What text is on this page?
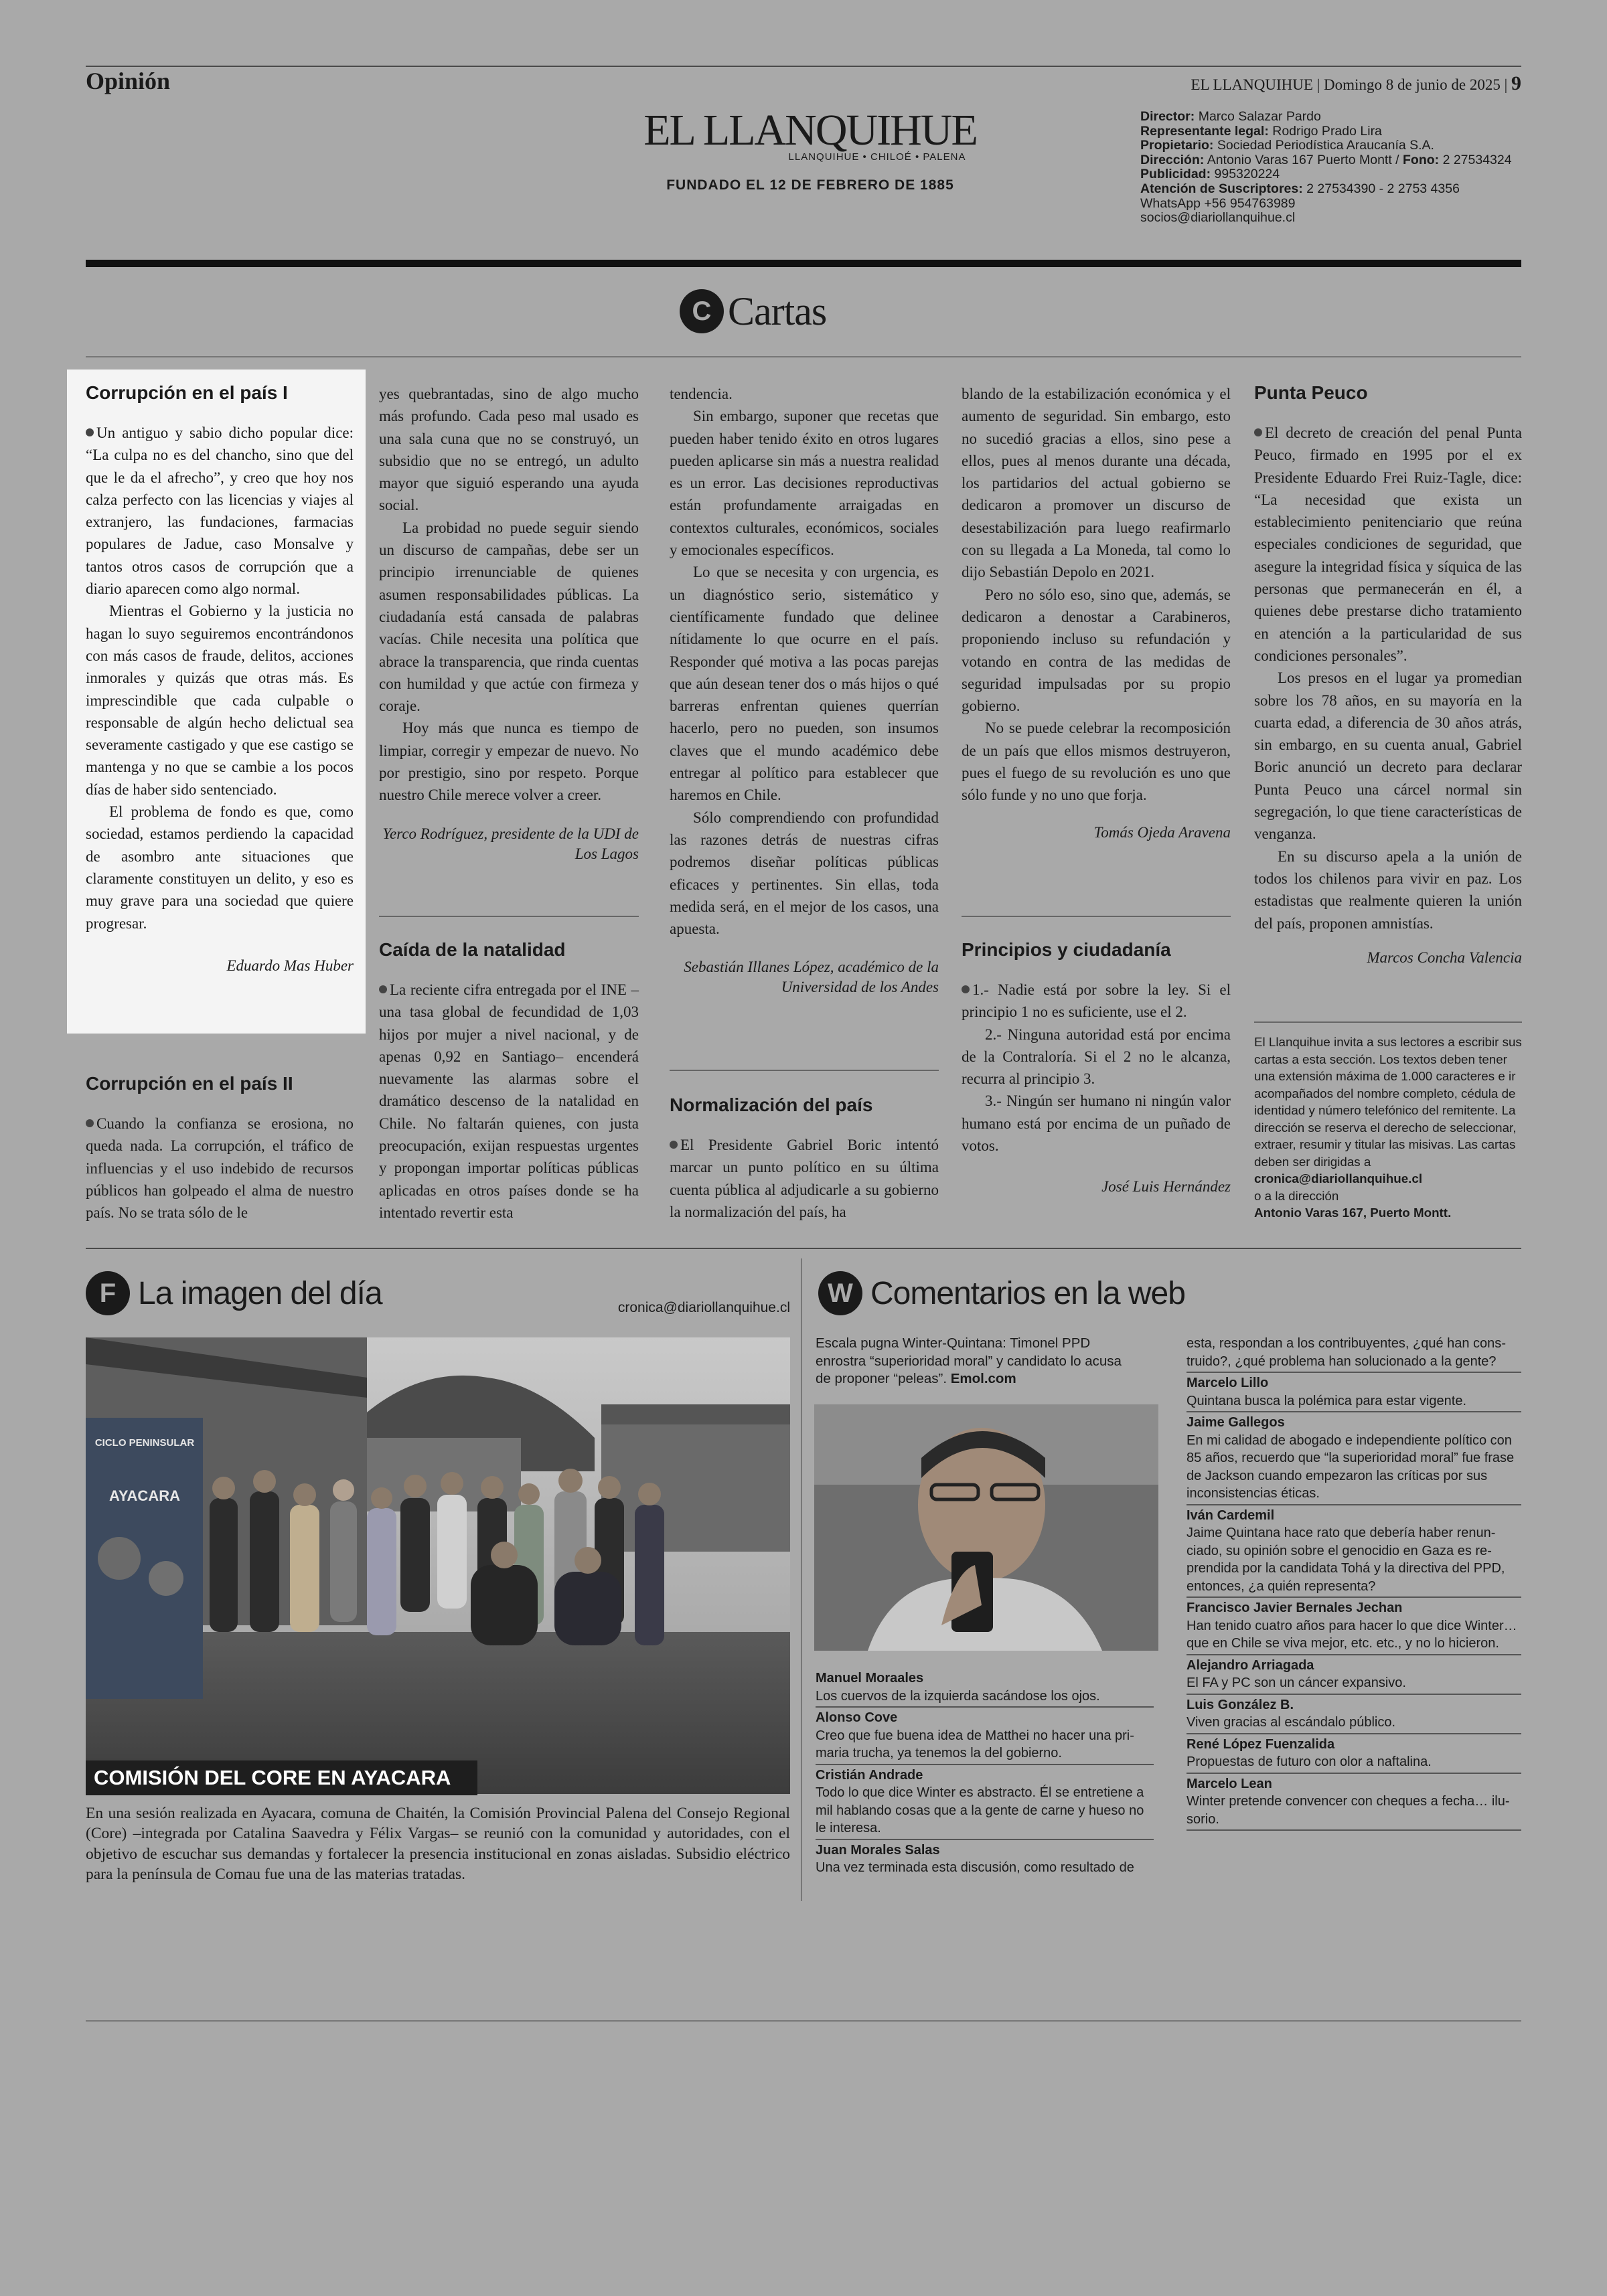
Opinión	EL LLANQUIHUE | Domingo 8 de junio de 2025 | 9
EL LLANQUIHUE
LLANQUIHUE • CHILOÉ • PALENA
FUNDADO EL 12 DE FEBRERO DE 1885
Director: Marco Salazar Pardo
Representante legal: Rodrigo Prado Lira
Propietario: Sociedad Periodística Araucanía S.A.
Dirección: Antonio Varas 167 Puerto Montt / Fono: 2 27534324
Publicidad: 995320224
Atención de Suscriptores: 2 27534390 - 2 2753 4356
WhatsApp +56 954763989
socios@diariollanquihue.cl
C Cartas
Corrupción en el país I

Un antiguo y sabio dicho popular dice: “La culpa no es del chancho, sino que del que le da el afrecho”, y creo que hoy nos calza perfecto con las licencias y viajes al extranjero, las fundaciones, farmacias populares de Jadue, caso Monsalve y tantos otros casos de corrupción que a diario aparecen como algo normal.

Mientras el Gobierno y la justicia no hagan lo suyo seguiremos encontrándonos con más casos de fraude, delitos, acciones inmorales y quizás que otras más. Es imprescindible que cada culpable o responsable de algún hecho delictual sea severamente castigado y que ese castigo se mantenga y no que se cambie a los pocos días de haber sido sentenciado.

El problema de fondo es que, como sociedad, estamos perdiendo la capacidad de asombro ante situaciones que claramente constituyen un delito, y eso es muy grave para una sociedad que quiere progresar.

Eduardo Mas Huber
Corrupción en el país II

Cuando la confianza se erosiona, no queda nada. La corrupción, el tráfico de influencias y el uso indebido de recursos públicos han golpeado el alma de nuestro país. No se trata sólo de le

yes quebrantadas, sino de algo mucho más profundo. Cada peso mal usado es una sala cuna que no se construyó, un subsidio que no se entregó, un adulto mayor que siguió esperando una ayuda social.

La probidad no puede seguir siendo un discurso de campañas, debe ser un principio irrenunciable de quienes asumen responsabilidades públicas. La ciudadanía está cansada de palabras vacías. Chile necesita una política que abrace la transparencia, que rinda cuentas con humildad y que actúe con firmeza y coraje.

Hoy más que nunca es tiempo de limpiar, corregir y empezar de nuevo. No por prestigio, sino por respeto. Porque nuestro Chile merece volver a creer.

Yerco Rodríguez, presidente de la UDI de Los Lagos
Caída de la natalidad

La reciente cifra entregada por el INE –una tasa global de fecundidad de 1,03 hijos por mujer a nivel nacional, y de apenas 0,92 en Santiago– encenderá nuevamente las alarmas sobre el dramático descenso de la natalidad en Chile. No faltarán quienes, con justa preocupación, exijan respuestas urgentes y propongan importar políticas públicas aplicadas en otros países donde se ha intentado revertir esta

tendencia.

Sin embargo, suponer que recetas que pueden haber tenido éxito en otros lugares pueden aplicarse sin más a nuestra realidad es un error. Las decisiones reproductivas están profundamente arraigadas en contextos culturales, económicos, sociales y emocionales específicos.

Lo que se necesita y con urgencia, es un diagnóstico serio, sistemático y científicamente fundado que delinee nítidamente lo que ocurre en el país. Responder qué motiva a las pocas parejas que aún desean tener dos o más hijos o qué barreras enfrentan quienes querrían hacerlo, pero no pueden, son insumos claves que el mundo académico debe entregar al político para establecer que haremos en Chile.

Sólo comprendiendo con profundidad las razones detrás de nuestras cifras podremos diseñar políticas públicas eficaces y pertinentes. Sin ellas, toda medida será, en el mejor de los casos, una apuesta.

Sebastián Illanes López, académico de la Universidad de los Andes
Normalización del país

El Presidente Gabriel Boric intentó marcar un punto político en su última cuenta pública al adjudicarle a su gobierno la normalización del país, ha

blando de la estabilización económica y el aumento de seguridad. Sin embargo, esto no sucedió gracias a ellos, sino pese a ellos, pues al menos durante una década, los partidarios del actual gobierno se dedicaron a promover un discurso de desestabilización para luego reafirmarlo con su llegada a La Moneda, tal como lo dijo Sebastián Depolo en 2021.

Pero no sólo eso, sino que, además, se dedicaron a denostar a Carabineros, proponiendo incluso su refundación y votando en contra de las medidas de seguridad impulsadas por su propio gobierno.

No se puede celebrar la recomposición de un país que ellos mismos destruyeron, pues el fuego de su revolución es uno que sólo funde y no uno que forja.

Tomás Ojeda Aravena
Principios y ciudadanía

1.- Nadie está por sobre la ley. Si el principio 1 no es suficiente, use el 2.

2.- Ninguna autoridad está por encima de la Contraloría. Si el 2 no le alcanza, recurra al principio 3.

3.- Ningún ser humano ni ningún valor humano está por encima de un puñado de votos.

José Luis Hernández
Punta Peuco

El decreto de creación del penal Punta Peuco, firmado en 1995 por el ex Presidente Eduardo Frei Ruiz-Tagle, dice: “La necesidad que exista un establecimiento penitenciario que reúna especiales condiciones de seguridad, que asegure la integridad física y síquica de las personas que permanecerán en él, a quienes debe prestarse dicho tratamiento en atención a la particularidad de sus condiciones personales”.

Los presos en el lugar ya promedian sobre los 78 años, en su mayoría en la cuarta edad, a diferencia de 30 años atrás, sin embargo, en su cuenta anual, Gabriel Boric anunció un decreto para declarar Punta Peuco una cárcel normal sin segregación, lo que tiene características de venganza.

En su discurso apela a la unión de todos los chilenos para vivir en paz. Los estadistas que realmente quieren la unión del país, proponen amnistías.

Marcos Concha Valencia
El Llanquihue invita a sus lectores a escribir sus cartas a esta sección. Los textos deben tener una extensión máxima de 1.000 caracteres e ir acompañados del nombre completo, cédula de identidad y número telefónico del remitente. La dirección se reserva el derecho de seleccionar, extraer, resumir y titular las misivas. Las cartas deben ser dirigidas a
cronica@diariollanquihue.cl
o a la dirección
Antonio Varas 167, Puerto Montt.
F La imagen del día	cronica@diariollanquihue.cl
CICLO PENINSULAR
AYACARA
COMISIÓN DEL CORE EN AYACARA
En una sesión realizada en Ayacara, comuna de Chaitén, la Comisión Provincial Palena del Consejo Regional (Core) –integrada por Catalina Saavedra y Félix Vargas– se reunió con la comunidad y autoridades, con el objetivo de escuchar sus demandas y fortalecer la presencia institucional en zonas aisladas. Subsidio eléctrico para la península de Comau fue una de las materias tratadas.
W Comentarios en la web
Escala pugna Winter-Quintana: Timonel PPD enrostra “superioridad moral” y candidato lo acusa de proponer “peleas”. Emol.com
Manuel Moraales
Los cuervos de la izquierda sacándose los ojos.
Alonso Cove
Creo que fue buena idea de Matthei no hacer una primaria trucha, ya tenemos la del gobierno.
Cristián Andrade
Todo lo que dice Winter es abstracto. Él se entretiene a mil hablando cosas que a la gente de carne y hueso no le interesa.
Juan Morales Salas
Una vez terminada esta discusión, como resultado de
esta, respondan a los contribuyentes, ¿qué han construido?, ¿qué problema han solucionado a la gente?
Marcelo Lillo
Quintana busca la polémica para estar vigente.
Jaime Gallegos
En mi calidad de abogado e independiente político con 85 años, recuerdo que “la superioridad moral” fue frase de Jackson cuando empezaron las críticas por sus inconsistencias éticas.
Iván Cardemil
Jaime Quintana hace rato que debería haber renunciado, su opinión sobre el genocidio en Gaza es reprendida por la candidata Tohá y la directiva del PPD, entonces, ¿a quién representa?
Francisco Javier Bernales Jechan
Han tenido cuatro años para hacer lo que dice Winter… que en Chile se viva mejor, etc. etc., y no lo hicieron.
Alejandro Arriagada
El FA y PC son un cáncer expansivo.
Luis González B.
Viven gracias al escándalo público.
René López Fuenzalida
Propuestas de futuro con olor a naftalina.
Marcelo Lean
Winter pretende convencer con cheques a fecha… ilusorio.
